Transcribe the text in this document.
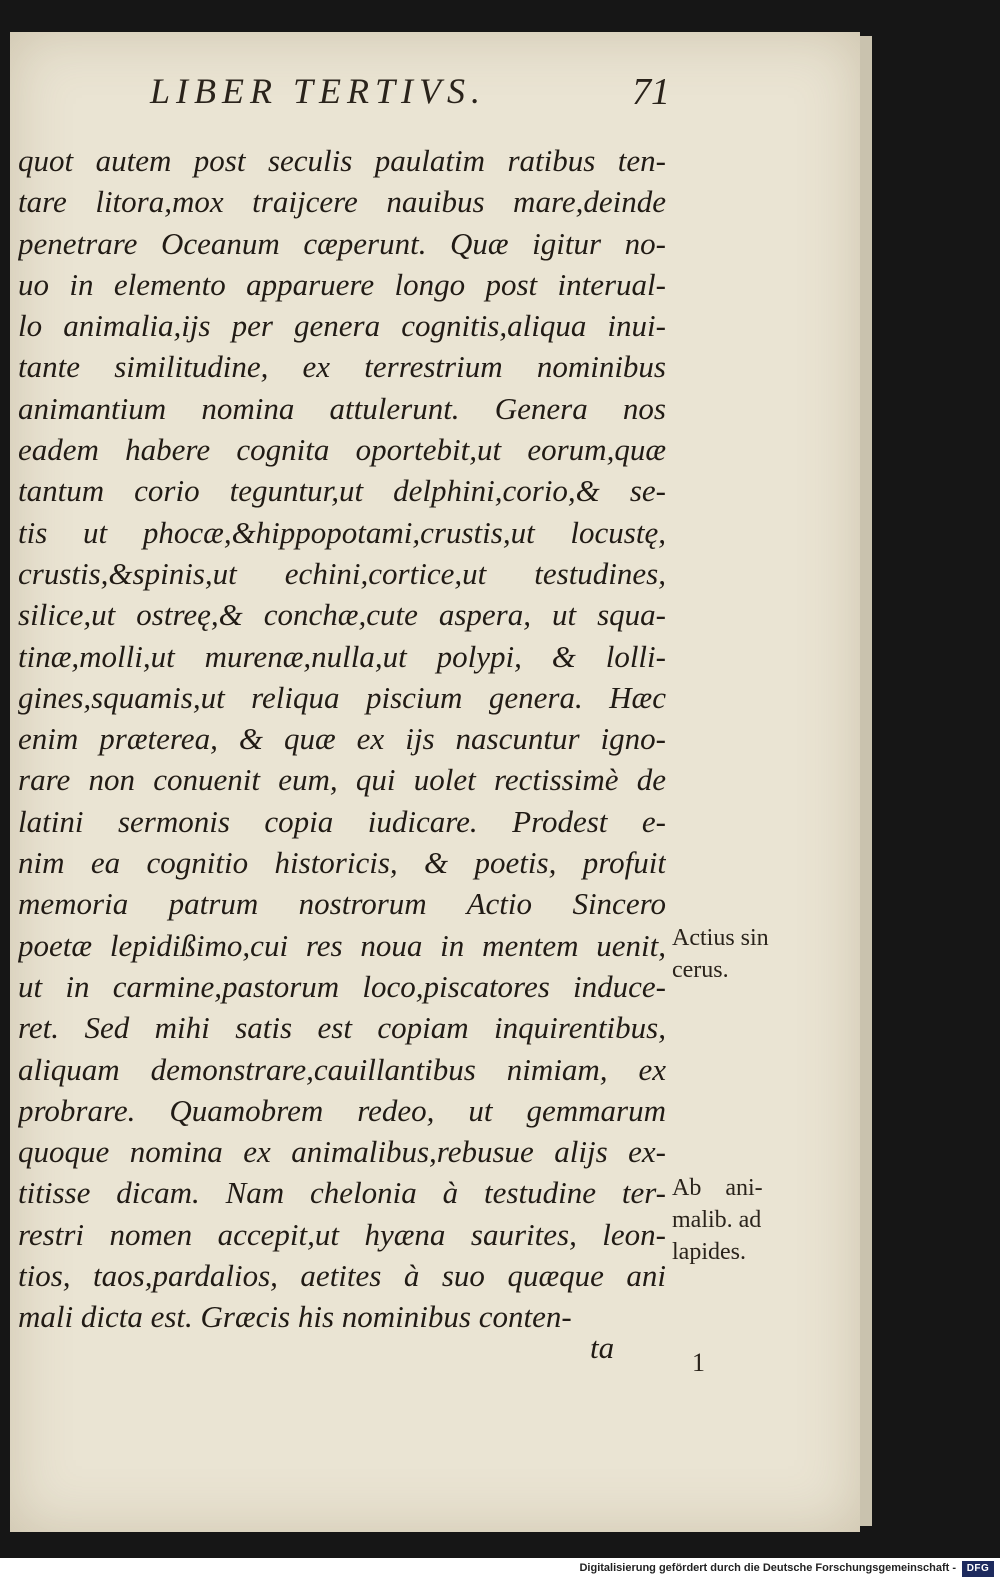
LIBER TERTIVS.	71
quot autem post seculis paulatim ratibus ten-
tare litora,mox traijcere nauibus mare,deinde
penetrare Oceanum cæperunt. Quæ igitur no-
uo in elemento apparuere longo post interual-
lo animalia,ijs per genera cognitis,aliqua inui-
tante similitudine, ex terrestrium nominibus
animantium nomina attulerunt. Genera nos
eadem habere cognita oportebit,ut eorum,quæ
tantum corio teguntur,ut delphini,corio,& se-
tis ut phocæ,&hippopotami,crustis,ut locustę,
crustis,&spinis,ut echini,cortice,ut testudines,
silice,ut ostreę,& conchæ,cute aspera, ut squa-
tinæ,molli,ut murenæ,nulla,ut polypi, & lolli-
gines,squamis,ut reliqua piscium genera. Hæc
enim præterea, & quæ ex ijs nascuntur igno-
rare non conuenit eum, qui uolet rectissimè de
latini sermonis copia iudicare. Prodest e-
nim ea cognitio historicis, & poetis, profuit
memoria patrum nostrorum Actio Sincero
poetæ lepidißimo,cui res noua in mentem uenit,
ut in carmine,pastorum loco,piscatores induce-
ret. Sed mihi satis est copiam inquirentibus,
aliquam demonstrare,cauillantibus nimiam, ex
probrare. Quamobrem redeo, ut gemmarum
quoque nomina ex animalibus,rebusue alijs ex-
titisse dicam. Nam chelonia à testudine ter-
restri nomen accepit,ut hyæna saurites, leon-
tios, taos,pardalios, aetites à suo quæque ani
mali dicta est. Græcis his nominibus conten-
ta
Actius sin
cerus.
Ab    ani-
malib. ad
lapides.
1
Digitalisierung gefördert durch die Deutsche Forschungsgemeinschaft -	DFG
